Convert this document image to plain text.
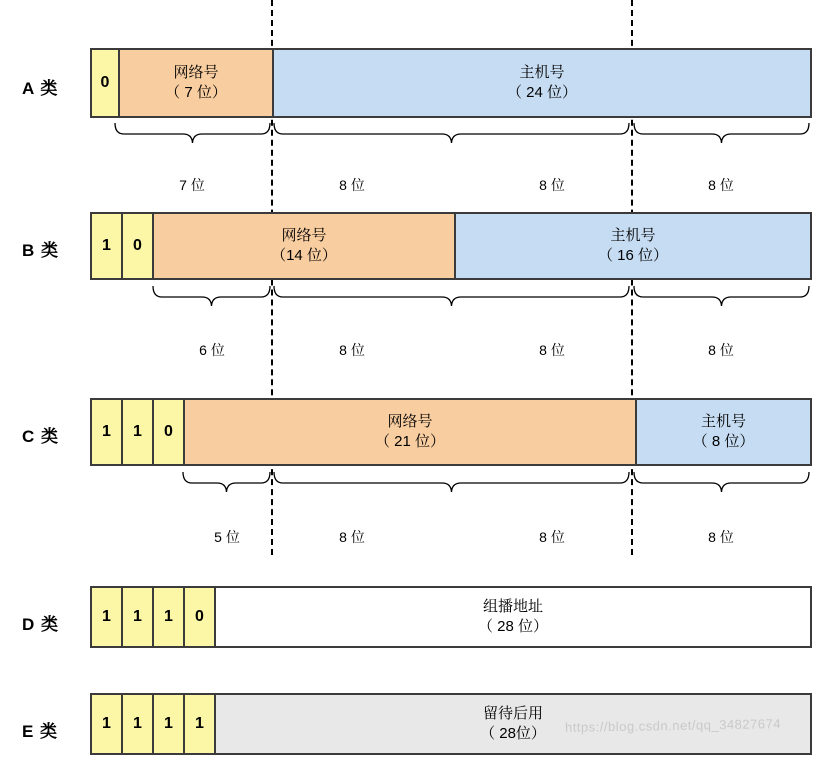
A 类	0
网络号
（ 7 位）
主机号
（ 24 位）
7 位	8 位	8 位	8 位
B 类	1 0
网络号
（14 位）
主机号
（ 16 位）
6 位	8 位	8 位	8 位
C 类	1 1 0
网络号
（ 21 位）
主机号
（ 8 位）
5 位	8 位	8 位	8 位
D 类	1 1 1 0
组播地址
（ 28 位）
E 类	1 1 1 1
留待后用
（ 28位） https://blog.csdn.net/qq_34827674
